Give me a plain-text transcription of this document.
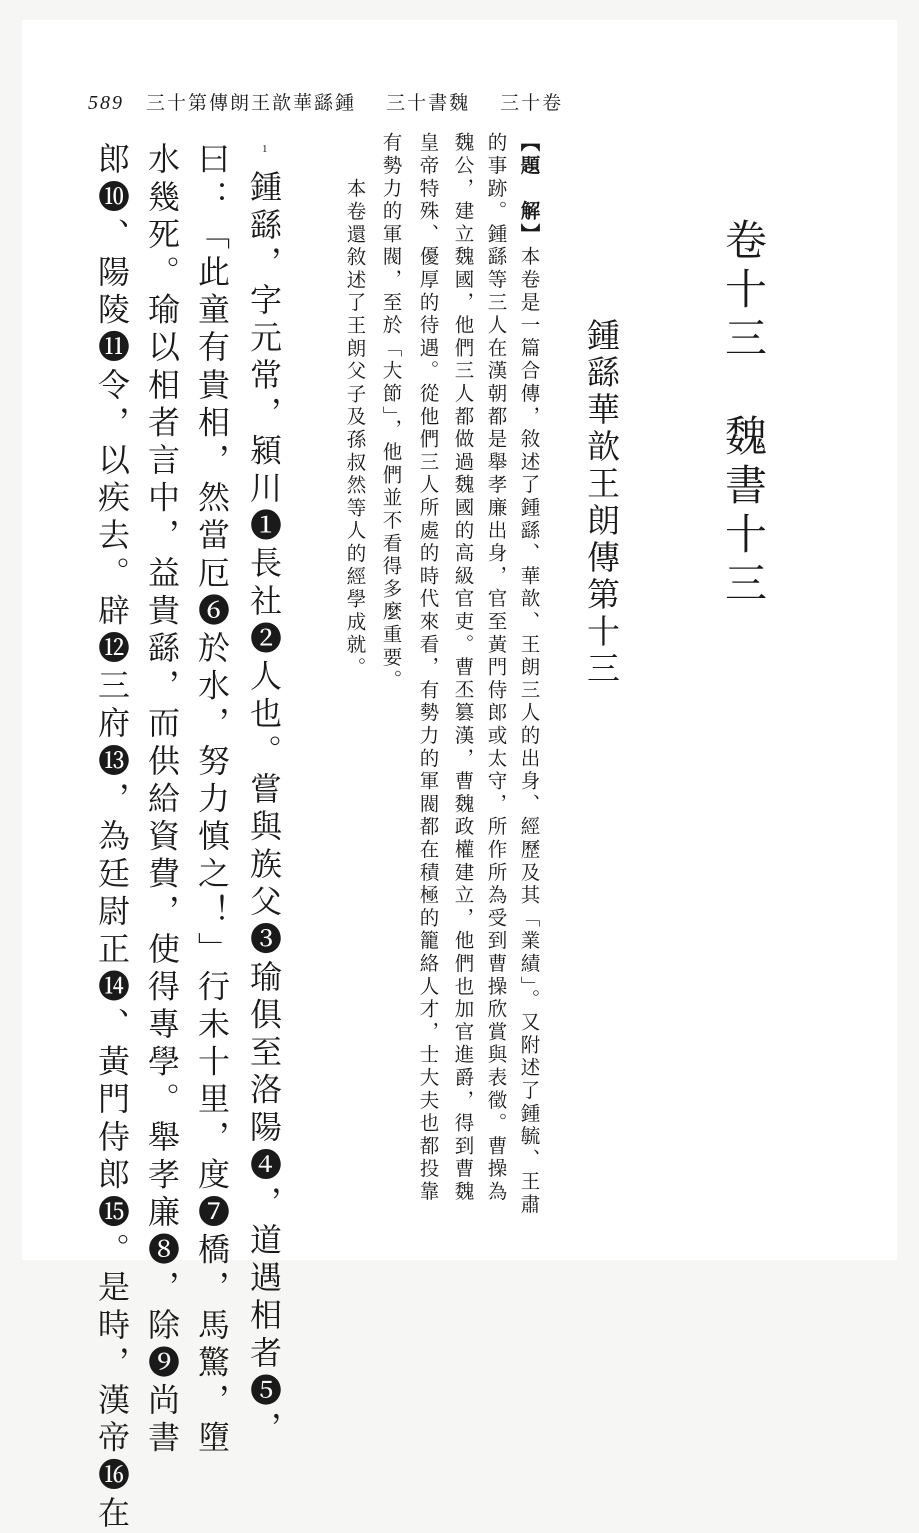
589 三十第傳朗王歆華繇鍾 三十書魏 三十卷
卷十三　魏書十三
鍾繇華歆王朗傳第十三
【題　解】本卷是一篇合傳，敘述了鍾繇、華歆、王朗三人的出身、經歷及其「業績」。又附述了鍾毓、王肅
的事跡。鍾繇等三人在漢朝都是舉孝廉出身，官至黃門侍郎或太守，所作所為受到曹操欣賞與表徵。曹操為
魏公，建立魏國，他們三人都做過魏國的高級官吏。曹丕篡漢，曹魏政權建立，他們也加官進爵，得到曹魏
皇帝特殊、優厚的待遇。從他們三人所處的時代來看，有勢力的軍閥都在積極的籠絡人才，士大夫也都投靠
有勢力的軍閥，至於「大節」，他們並不看得多麼重要。
本卷還敘述了王朗父子及孫叔然等人的經學成就。
1
鍾繇，字元常，潁川❶長社❷人也。嘗與族父❸瑜俱至洛陽❹，道遇相者❺，
曰：「此童有貴相，然當厄❻於水，努力慎之！」行未十里，度❼橋，馬驚，墮
水幾死。瑜以相者言中，益貴繇，而供給資費，使得專學。舉孝廉❽，除❾尚書
郎❿、陽陵⓫令，以疾去。辟⓬三府⓭，為廷尉正⓮、黃門侍郎⓯。是時，漢帝⓰在
